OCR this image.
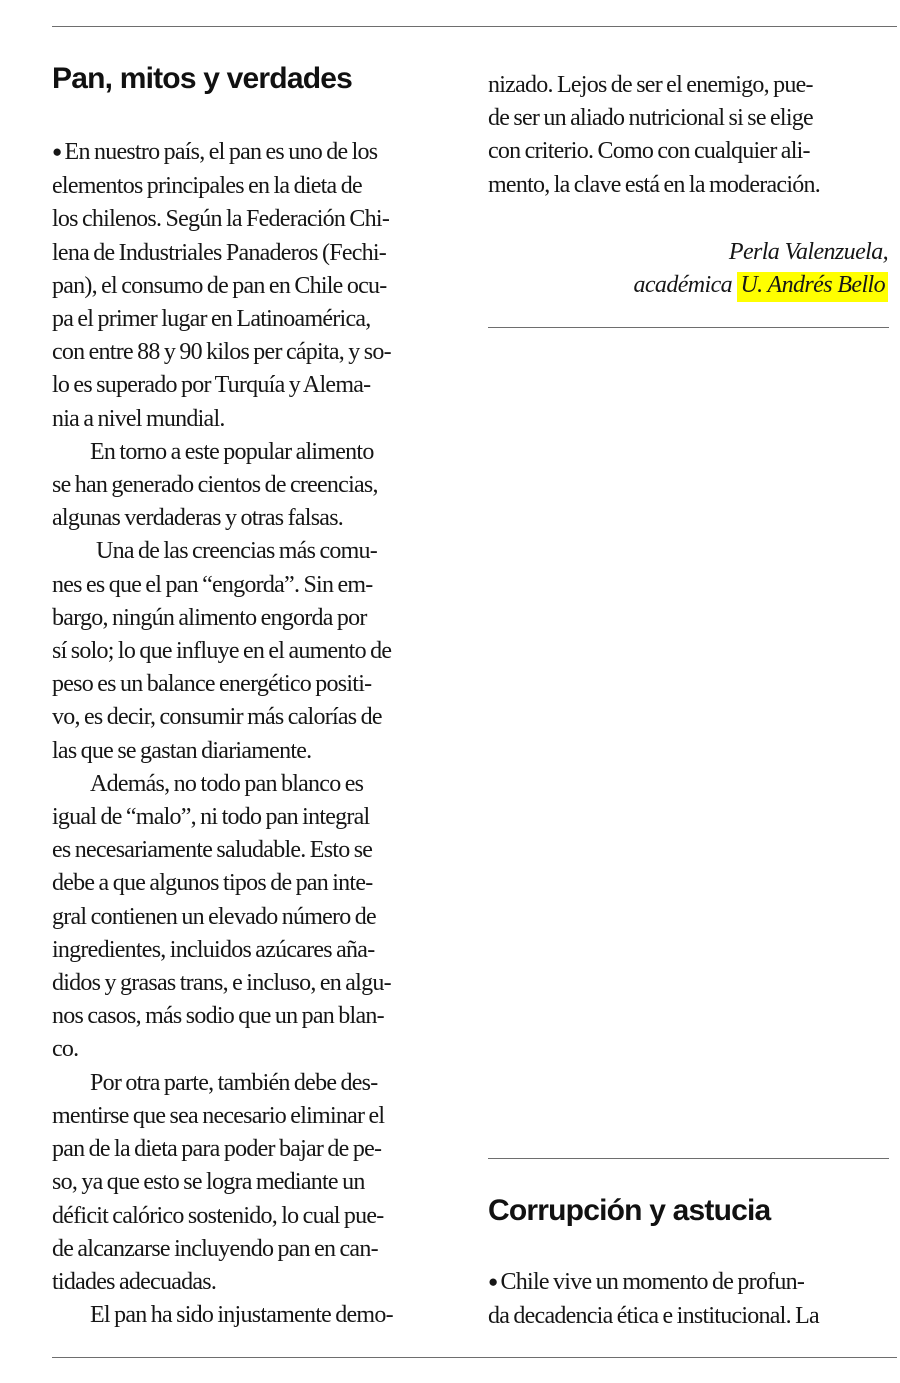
Pan, mitos y verdades
● En nuestro país, el pan es uno de los
elementos principales en la dieta de
los chilenos. Según la Federación Chi-
lena de Industriales Panaderos (Fechi-
pan), el consumo de pan en Chile ocu-
pa el primer lugar en Latinoamérica,
con entre 88 y 90 kilos per cápita, y so-
lo es superado por Turquía y Alema-
nia a nivel mundial.
En torno a este popular alimento
se han generado cientos de creencias,
algunas verdaderas y otras falsas.
Una de las creencias más comu-
nes es que el pan “engorda”. Sin em-
bargo, ningún alimento engorda por
sí solo; lo que influye en el aumento de
peso es un balance energético positi-
vo, es decir, consumir más calorías de
las que se gastan diariamente.
Además, no todo pan blanco es
igual de “malo”, ni todo pan integral
es necesariamente saludable. Esto se
debe a que algunos tipos de pan inte-
gral contienen un elevado número de
ingredientes, incluidos azúcares aña-
didos y grasas trans, e incluso, en algu-
nos casos, más sodio que un pan blan-
co.
Por otra parte, también debe des-
mentirse que sea necesario eliminar el
pan de la dieta para poder bajar de pe-
so, ya que esto se logra mediante un
déficit calórico sostenido, lo cual pue-
de alcanzarse incluyendo pan en can-
tidades adecuadas.
El pan ha sido injustamente demo-
nizado. Lejos de ser el enemigo, pue-
de ser un aliado nutricional si se elige
con criterio. Como con cualquier ali-
mento, la clave está en la moderación.
Perla Valenzuela,
académica U. Andrés Bello
Corrupción y astucia
● Chile vive un momento de profun-
da decadencia ética e institucional. La
